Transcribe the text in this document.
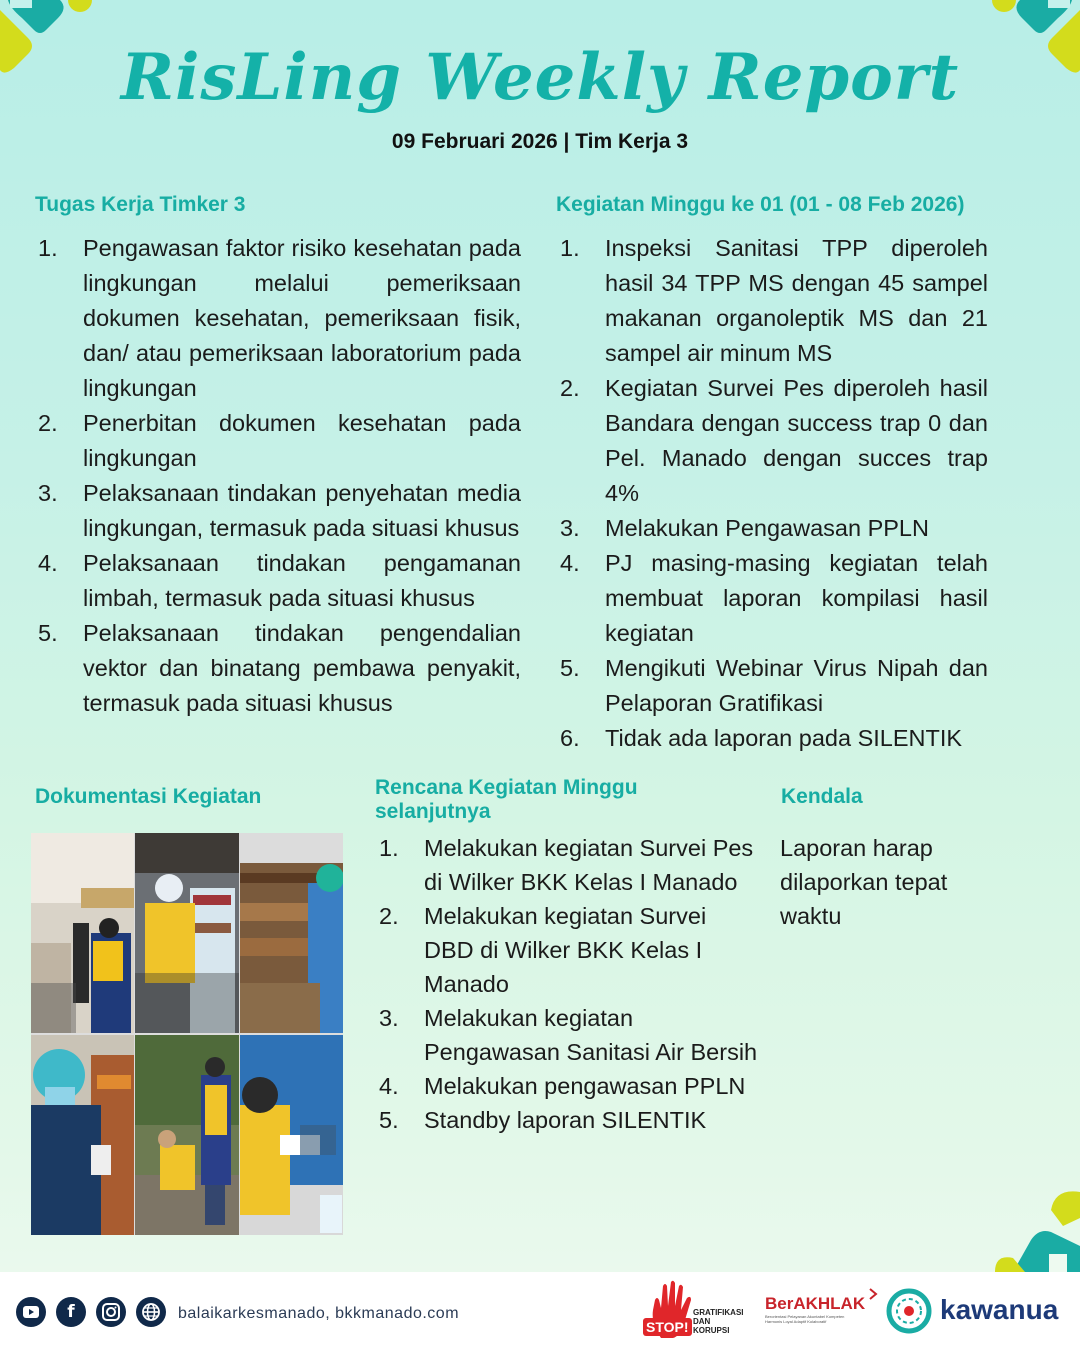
RisLing Weekly Report
09 Februari 2026 | Tim Kerja 3
Tugas Kerja Timker 3
1. Pengawasan faktor risiko kesehatan pada lingkungan melalui pemeriksaan dokumen kesehatan, pemeriksaan fisik, dan/ atau pemeriksaan laboratorium pada lingkungan
2. Penerbitan dokumen kesehatan pada lingkungan
3. Pelaksanaan tindakan penyehatan media lingkungan, termasuk pada situasi khusus
4. Pelaksanaan tindakan pengamanan limbah, termasuk pada situasi khusus
5. Pelaksanaan tindakan pengendalian vektor dan binatang pembawa penyakit, termasuk pada situasi khusus
Kegiatan Minggu ke 01 (01 - 08 Feb 2026)
1. Inspeksi Sanitasi TPP diperoleh hasil 34 TPP MS dengan 45 sampel makanan organoleptik MS dan 21 sampel air minum MS
2. Kegiatan Survei Pes diperoleh hasil Bandara dengan success trap 0 dan Pel. Manado dengan succes trap 4%
3. Melakukan Pengawasan PPLN
4. PJ masing-masing kegiatan telah membuat laporan kompilasi hasil kegiatan
5. Mengikuti Webinar Virus Nipah dan Pelaporan Gratifikasi
6. Tidak ada laporan pada SILENTIK
Dokumentasi Kegiatan	Rencana Kegiatan Minggu selanjutnya
1. Melakukan kegiatan Survei Pes di Wilker BKK Kelas I Manado
2. Melakukan kegiatan Survei DBD di Wilker BKK Kelas I Manado
3. Melakukan kegiatan Pengawasan Sanitasi Air Bersih
4. Melakukan pengawasan PPLN
5. Standby laporan SILENTIK
Kendala
Laporan harap dilaporkan tepat waktu
f	balaikarkesmanado, bkkmanado.com
STOP!
GRATIFIKASI
DAN
KORUPSI
BerAKHLAK
Berorientasi Pelayanan Akuntabel Kompeten
Harmonis Loyal Adaptif Kolaboratif	kawanua
